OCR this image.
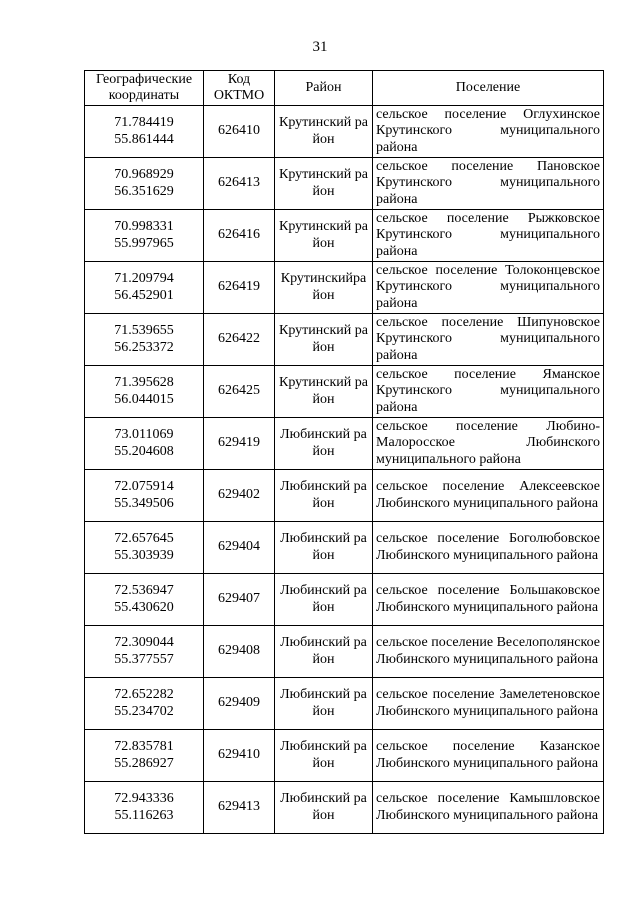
31
Географические
координаты	Код
ОКТМО	Район	Поселение

71.784419
55.861444	626410	Крутинский район	сельское поселение Оглухинское Крутинского муниципального района

70.968929
56.351629	626413	Крутинский район	сельское поселение Пановское Крутинского муниципального района

70.998331
55.997965	626416	Крутинский район	сельское поселение Рыжковское Крутинского муниципального района

71.209794
56.452901	626419	Крутинскийрайон	сельское поселение Толоконцевское Крутинского муниципального района

71.539655
56.253372	626422	Крутинский район	сельское поселение Шипуновское Крутинского муниципального района

71.395628
56.044015	626425	Крутинский район	сельское поселение Яманское Крутинского муниципального района

73.011069
55.204608	629419	Любинский район	сельское поселение Любино-Малоросское Любинского муниципального района

72.075914
55.349506	629402	Любинский район	сельское поселение Алексеевское Любинского муниципального района

72.657645
55.303939	629404	Любинский район	сельское поселение Боголюбовское Любинского муниципального района

72.536947
55.430620	629407	Любинский район	сельское поселение Большаковское Любинского муниципального района

72.309044
55.377557	629408	Любинский район	сельское поселение Веселополянское Любинского муниципального района

72.652282
55.234702	629409	Любинский район	сельское поселение Замелетеновское Любинского муниципального района

72.835781
55.286927	629410	Любинский район	сельское поселение Казанское Любинского муниципального района

72.943336
55.116263	629413	Любинский район	сельское поселение Камышловское Любинского муниципального района
